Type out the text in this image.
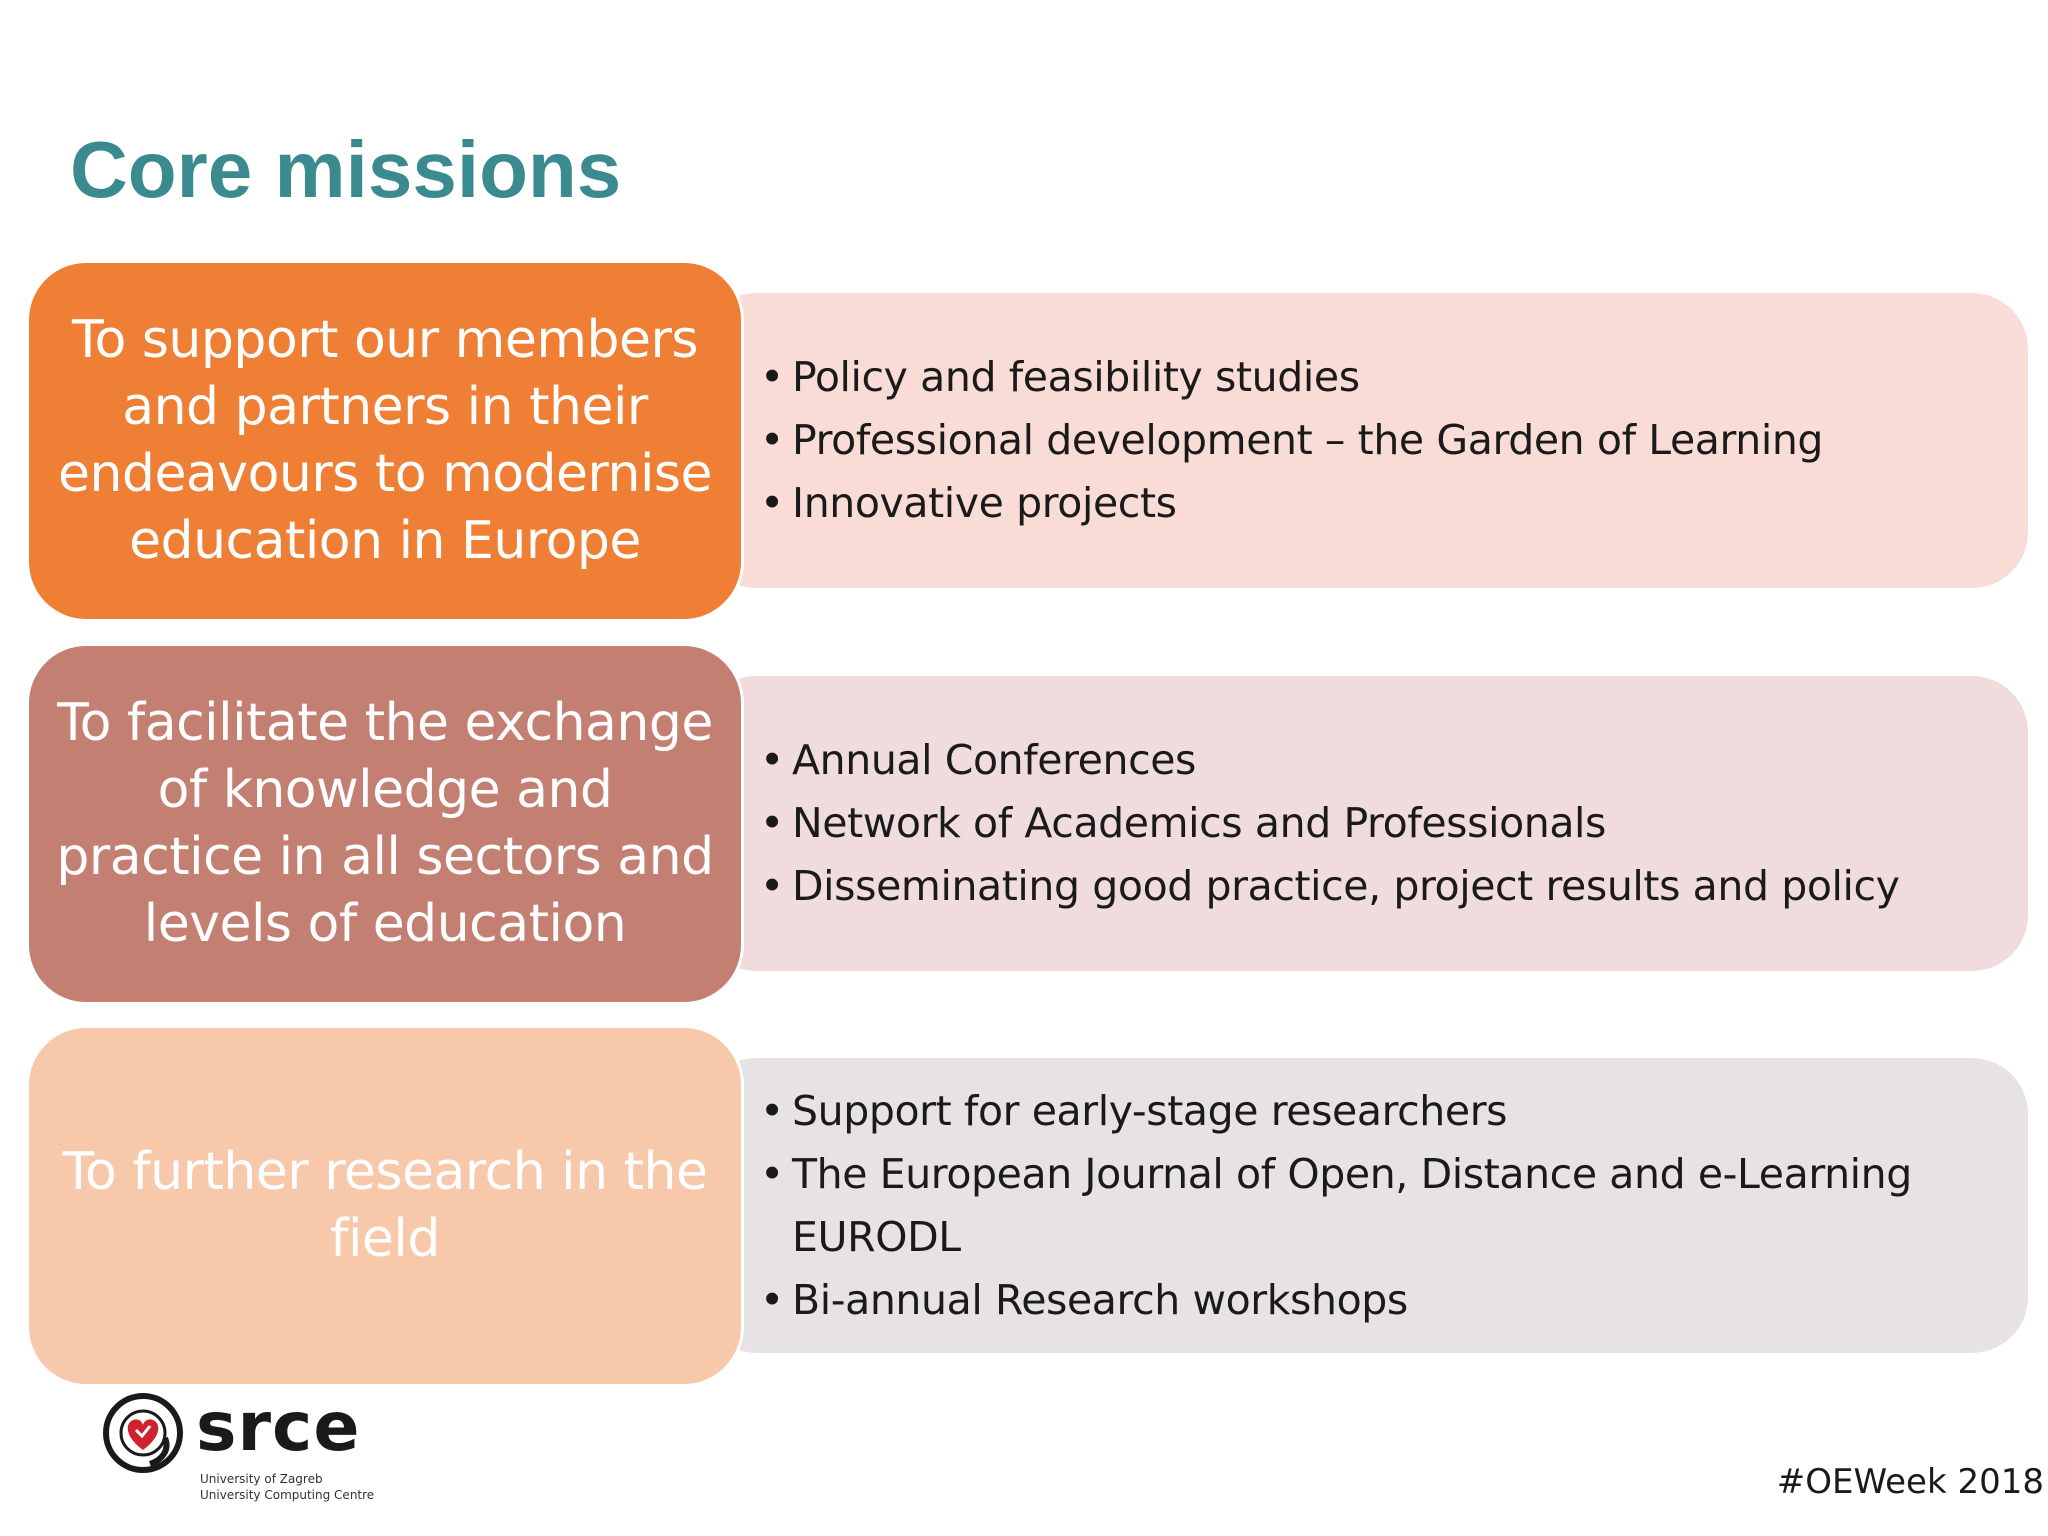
Core missions
• Policy and feasibility studies
• Professional development – the Garden of Learning
• Innovative projects
To support our members and partners in their endeavours to modernise education in Europe
• Annual Conferences
• Network of Academics and Professionals
• Disseminating good practice, project results and policy
To facilitate the exchange of knowledge and practice in all sectors and levels of education
• Support for early-stage researchers
• The European Journal of Open, Distance and e-Learning EURODL
• Bi-annual Research workshops
To further research in the field
srce
University of Zagreb
University Computing Centre	#OEWeek 2018
